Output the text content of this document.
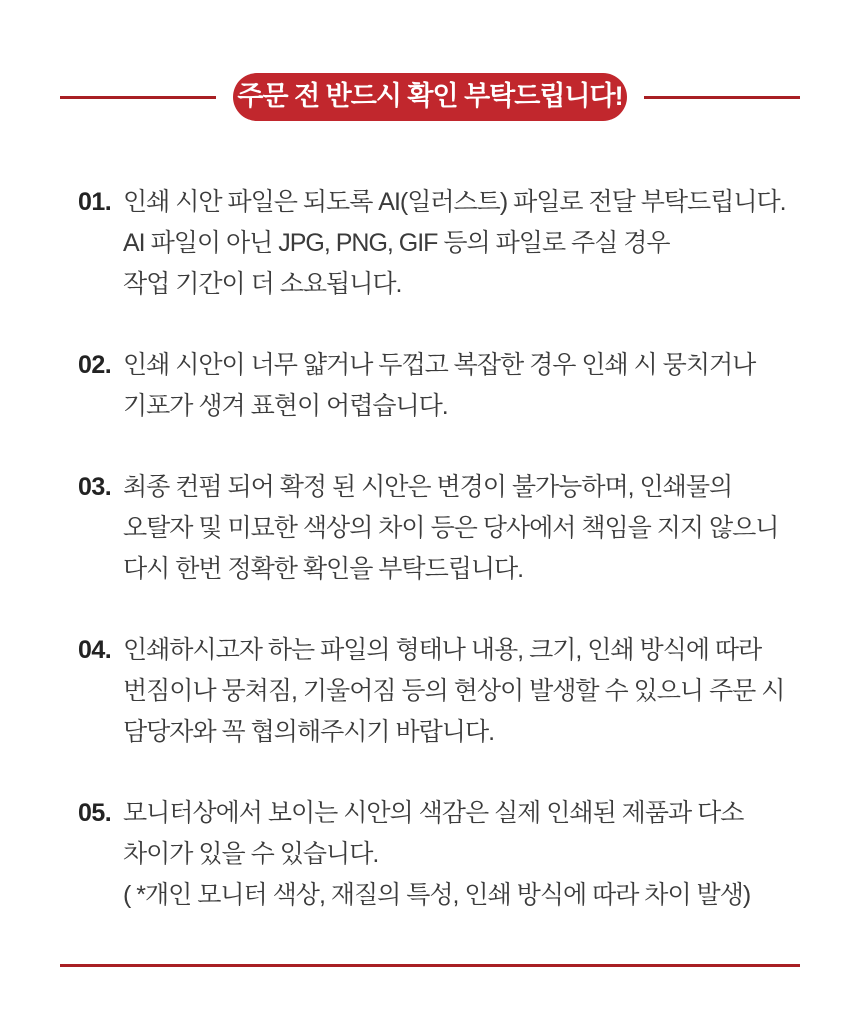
주문 전 반드시 확인 부탁드립니다!
01. 인쇄 시안 파일은 되도록 AI(일러스트) 파일로 전달 부탁드립니다.
AI 파일이 아닌 JPG, PNG, GIF 등의 파일로 주실 경우
작업 기간이 더 소요됩니다.
02. 인쇄 시안이 너무 얇거나 두껍고 복잡한 경우 인쇄 시 뭉치거나
기포가 생겨 표현이 어렵습니다.
03. 최종 컨펌 되어 확정 된 시안은 변경이 불가능하며, 인쇄물의
오탈자 및 미묘한 색상의 차이 등은 당사에서 책임을 지지 않으니
다시 한번 정확한 확인을 부탁드립니다.
04. 인쇄하시고자 하는 파일의 형태나 내용, 크기, 인쇄 방식에 따라
번짐이나 뭉쳐짐, 기울어짐 등의 현상이 발생할 수 있으니 주문 시
담당자와 꼭 협의해주시기 바랍니다.
05. 모니터상에서 보이는 시안의 색감은 실제 인쇄된 제품과 다소
차이가 있을 수 있습니다.
( *개인 모니터 색상, 재질의 특성, 인쇄 방식에 따라 차이 발생)
